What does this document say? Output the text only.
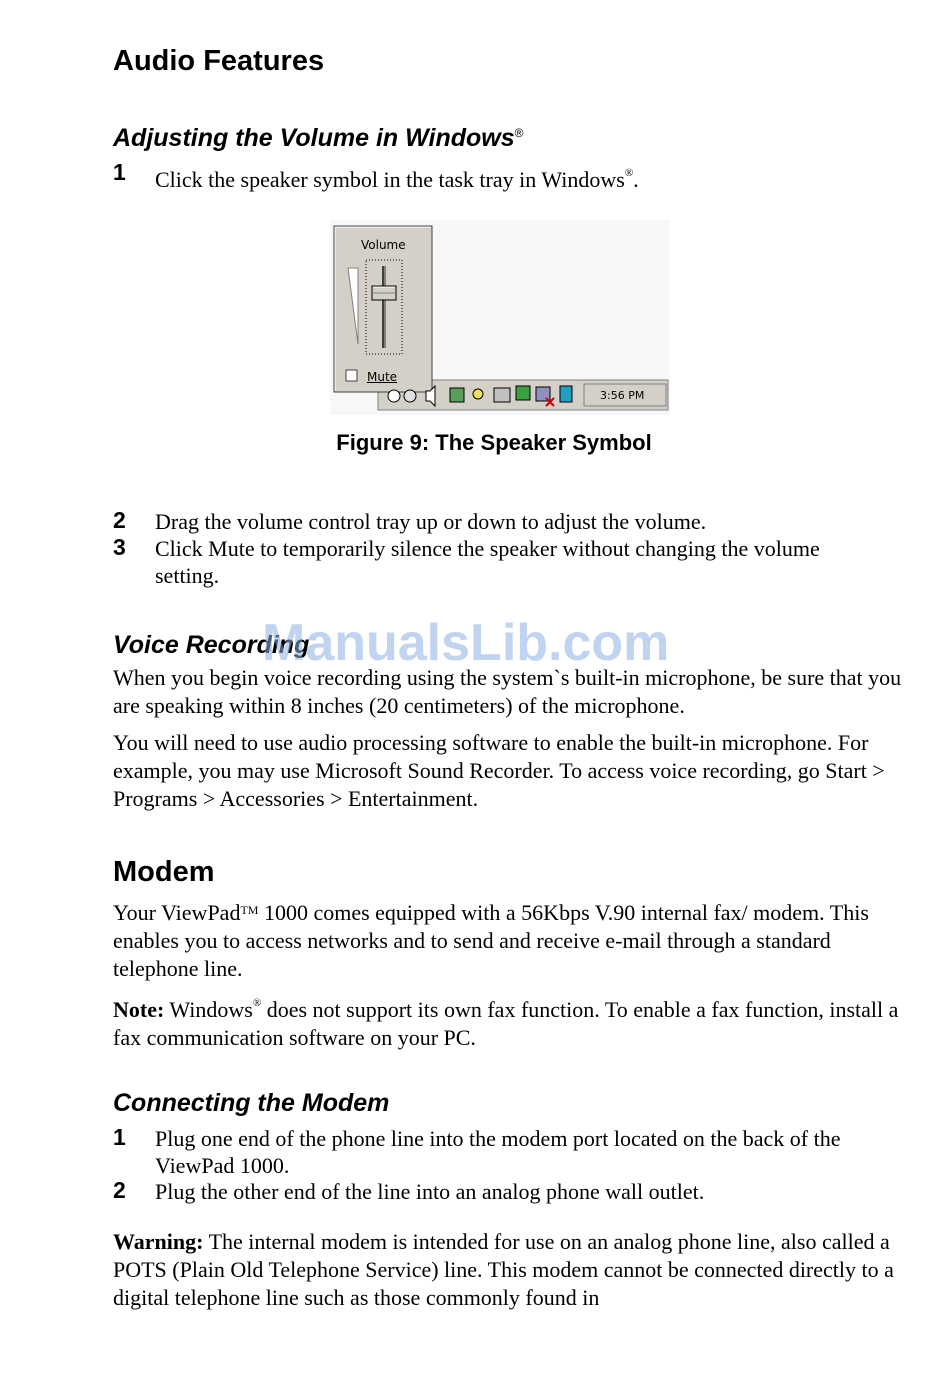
Audio Features
Adjusting the Volume in Windows®
1 Click the speaker symbol in the task tray in Windows®.
Volume
Mute
3:56 PM
Figure 9: The Speaker Symbol
2 Drag the volume control tray up or down to adjust the volume.
3 Click Mute to temporarily silence the speaker without changing the volume setting.
Voice Recording
When you begin voice recording using the system`s built-in microphone, be sure that you are speaking within 8 inches (20 centimeters) of the microphone.
You will need to use audio processing software to enable the built-in microphone. For example, you may use Microsoft Sound Recorder. To access voice recording, go Start > Programs > Accessories > Entertainment.
ManualsLib.com
Modem
Your ViewPad™ 1000 comes equipped with a 56Kbps V.90 internal fax/ modem. This enables you to access networks and to send and receive e-mail through a standard telephone line.
Note: Windows® does not support its own fax function. To enable a fax function, install a fax communication software on your PC.
Connecting the Modem
1 Plug one end of the phone line into the modem port located on the back of the ViewPad 1000.
2 Plug the other end of the line into an analog phone wall outlet.
Warning: The internal modem is intended for use on an analog phone line, also called a POTS (Plain Old Telephone Service) line. This modem cannot be connected directly to a digital telephone line such as those commonly found in
